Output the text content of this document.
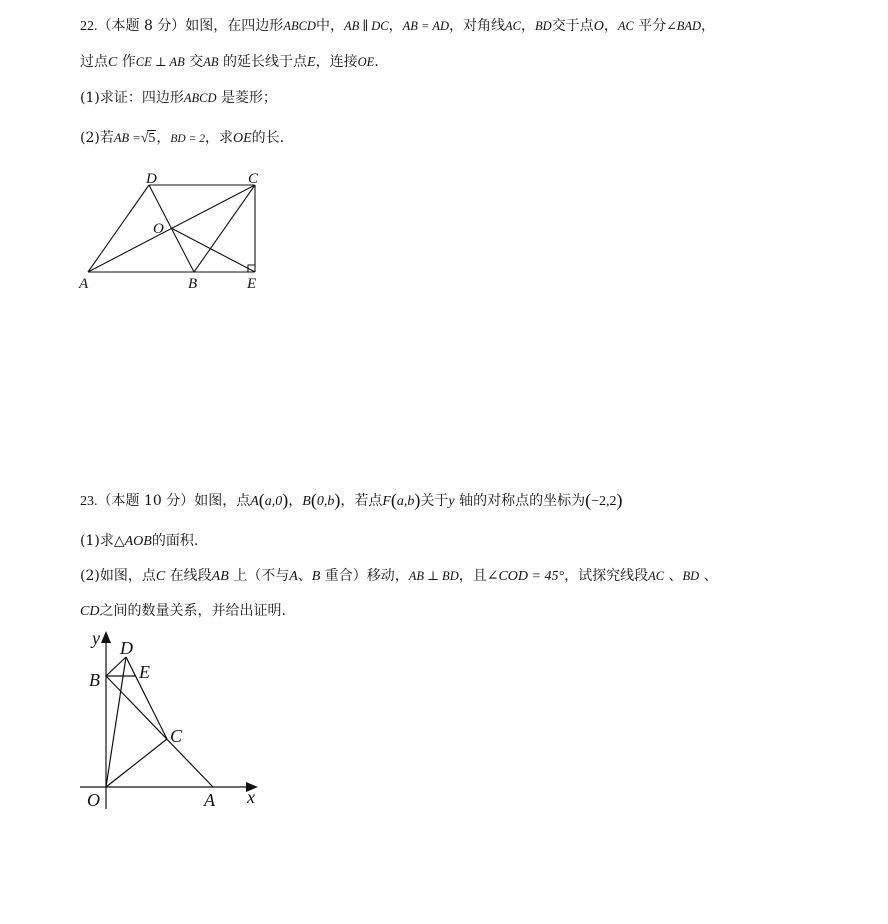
22.（本题 8 分）如图，在四边形ABCD中，AB ∥ DC，AB = AD，对角线AC，BD交于点O，AC 平分∠BAD，
过点C 作CE ⊥ AB 交AB 的延长线于点E，连接OE.
(1)求证：四边形ABCD 是菱形；
(2)若AB =√5，BD = 2，求OE的长.
D	C
O
A	B	E
23.（本题 10 分）如图，点A(a,0)，B(0,b)，若点F(a,b)关于y 轴的对称点的坐标为(−2,2)
(1)求△AOB的面积.
(2)如图，点C 在线段AB 上（不与A、B 重合）移动，AB ⊥ BD，且∠COD = 45°，试探究线段AC 、BD 、
CD之间的数量关系，并给出证明.
y D
B E
C
O	A x
